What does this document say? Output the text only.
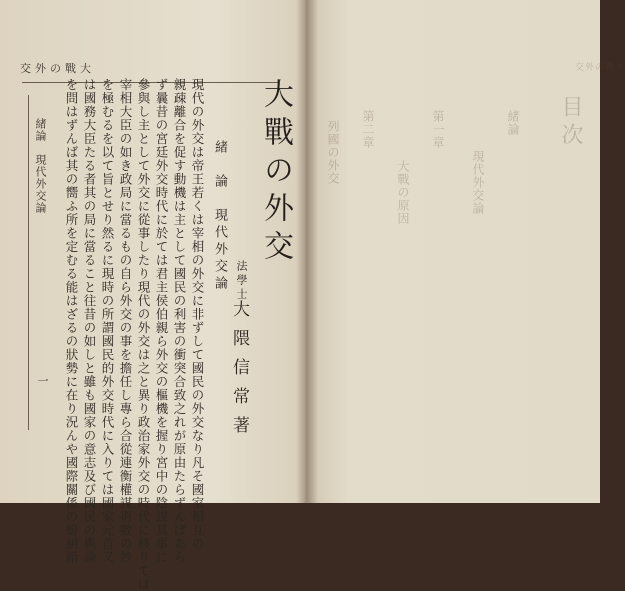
交外の戰大
緒論　現代外交論
一	現代の外交は帝王若くは宰相の外交に非ずして國民の外交なり凡そ國家相互の
親疎離合を促す動機は主として國民の利害の衝突合致之れが原由たらずんばあら
ず曩昔の宮廷外交時代に於ては君主侯伯親ら外交の樞機を握り宮中の陰謀其事に
參與し主として外交に從事したり現代の外交は之と異り政治家外交の時代に移りては
宰相大臣の如き政局に當るもの自ら外交の事を擔任し專ら合從連衡權謀術數の妙
を極むるを以て旨とせり然るに現時の所謂國民的外交時代に入りては國家元首又
は國務大臣たる者其の局に當ること往昔の如しと雖も國家の意志及び國民の輿論
を問はずんば其の嚮ふ所を定むる能はざるの狀勢に在り況んや國際關係の紛糾錯	緒　論　現代外交論 大戰の外交
法學士
大隈信常著
交外の戰大
目次
緒論
現代外交論
第一章
大戰の原因
第二章
列國の外交
